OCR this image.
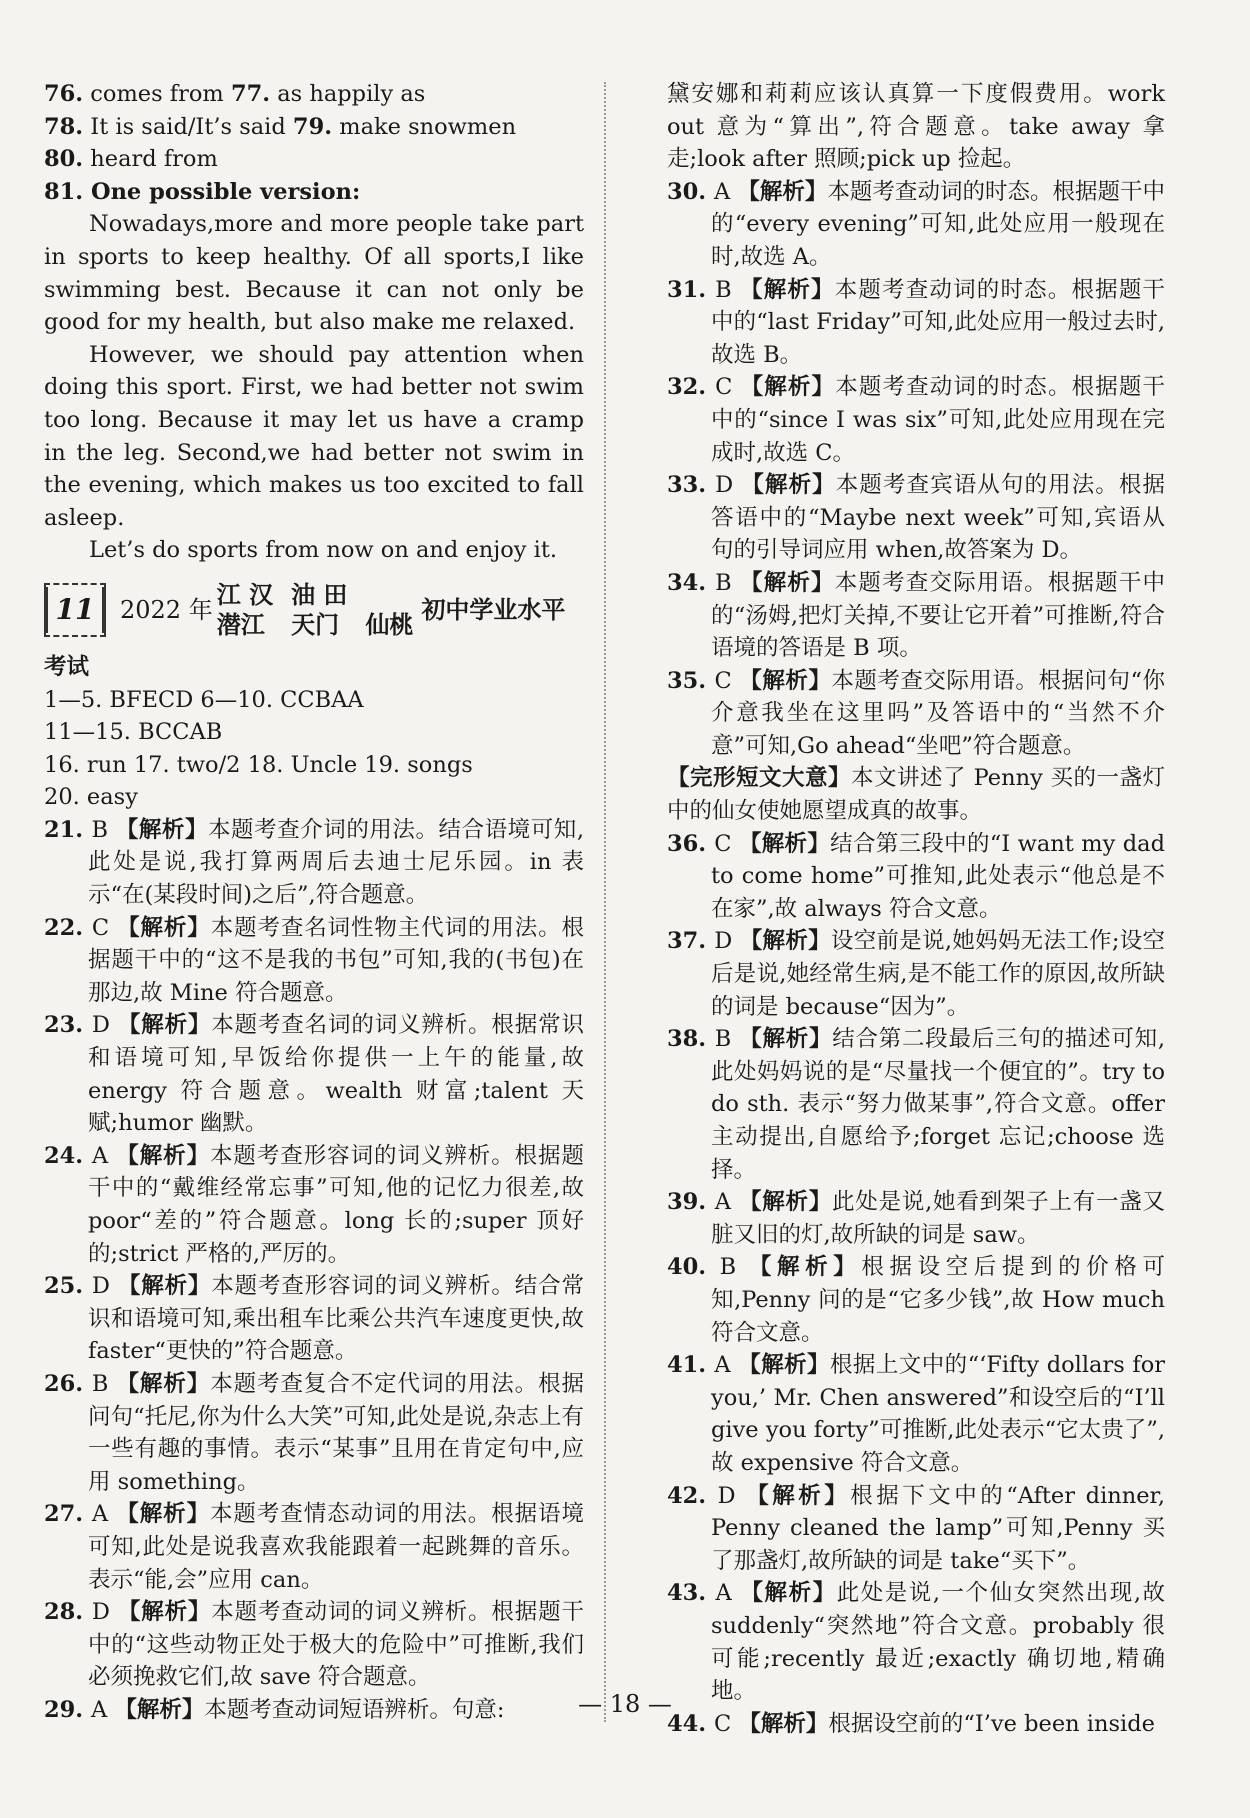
76. comes from 77. as happily as
78. It is said/It’s said 79. make snowmen
80. heard from
81. One possible version:
Nowadays,more and more people take part in sports to keep healthy. Of all sports,I like swimming best. Because it can not only be good for my health, but also make me relaxed.
However, we should pay attention when doing this sport. First, we had better not swim too long. Because it may let us have a cramp in the leg. Second,we had better not swim in the evening, which makes us too excited to fall asleep.
Let’s do sports from now on and enjoy it.
11 2022 年
江 汉 油 田
潜江	天门	仙桃
初中学业水平
考试
1—5. BFECD 6—10. CCBAA
11—15. BCCAB
16. run 17. two/2 18. Uncle 19. songs
20. easy
21. B 【解析】本题考查介词的用法。结合语境可知,此处是说,我打算两周后去迪士尼乐园。in 表示“在(某段时间)之后”,符合题意。
22. C 【解析】本题考查名词性物主代词的用法。根据题干中的“这不是我的书包”可知,我的(书包)在那边,故 Mine 符合题意。
23. D 【解析】本题考查名词的词义辨析。根据常识和语境可知,早饭给你提供一上午的能量,故 energy 符合题意。wealth 财富;talent 天赋;humor 幽默。
24. A 【解析】本题考查形容词的词义辨析。根据题干中的“戴维经常忘事”可知,他的记忆力很差,故 poor“差的”符合题意。long 长的;super 顶好的;strict 严格的,严厉的。
25. D 【解析】本题考查形容词的词义辨析。结合常识和语境可知,乘出租车比乘公共汽车速度更快,故 faster“更快的”符合题意。
26. B 【解析】本题考查复合不定代词的用法。根据问句“托尼,你为什么大笑”可知,此处是说,杂志上有一些有趣的事情。表示“某事”且用在肯定句中,应用 something。
27. A 【解析】本题考查情态动词的用法。根据语境可知,此处是说我喜欢我能跟着一起跳舞的音乐。表示“能,会”应用 can。
28. D 【解析】本题考查动词的词义辨析。根据题干中的“这些动物正处于极大的危险中”可推断,我们必须挽救它们,故 save 符合题意。
29. A 【解析】本题考查动词短语辨析。句意:
黛安娜和莉莉应该认真算一下度假费用。work out 意为“算出”,符合题意。take away 拿走;look after 照顾;pick up 捡起。
30. A 【解析】本题考查动词的时态。根据题干中的“every evening”可知,此处应用一般现在时,故选 A。
31. B 【解析】本题考查动词的时态。根据题干中的“last Friday”可知,此处应用一般过去时,故选 B。
32. C 【解析】本题考查动词的时态。根据题干中的“since I was six”可知,此处应用现在完成时,故选 C。
33. D 【解析】本题考查宾语从句的用法。根据答语中的“Maybe next week”可知,宾语从句的引导词应用 when,故答案为 D。
34. B 【解析】本题考查交际用语。根据题干中的“汤姆,把灯关掉,不要让它开着”可推断,符合语境的答语是 B 项。
35. C 【解析】本题考查交际用语。根据问句“你介意我坐在这里吗”及答语中的“当然不介意”可知,Go ahead“坐吧”符合题意。
【完形短文大意】本文讲述了 Penny 买的一盏灯中的仙女使她愿望成真的故事。
36. C 【解析】结合第三段中的“I want my dad to come home”可推知,此处表示“他总是不在家”,故 always 符合文意。
37. D 【解析】设空前是说,她妈妈无法工作;设空后是说,她经常生病,是不能工作的原因,故所缺的词是 because“因为”。
38. B 【解析】结合第二段最后三句的描述可知,此处妈妈说的是“尽量找一个便宜的”。try to do sth. 表示“努力做某事”,符合文意。offer 主动提出,自愿给予;forget 忘记;choose 选择。
39. A 【解析】此处是说,她看到架子上有一盏又脏又旧的灯,故所缺的词是 saw。
40. B 【解析】根据设空后提到的价格可知,Penny 问的是“它多少钱”,故 How much 符合文意。
41. A 【解析】根据上文中的“‘Fifty dollars for you,’ Mr. Chen answered”和设空后的“I’ll give you forty”可推断,此处表示“它太贵了”,故 expensive 符合文意。
42. D 【解析】根据下文中的“After dinner, Penny cleaned the lamp”可知,Penny 买了那盏灯,故所缺的词是 take“买下”。
43. A 【解析】此处是说,一个仙女突然出现,故 suddenly“突然地”符合文意。probably 很可能;recently 最近;exactly 确切地,精确地。
44. C 【解析】根据设空前的“I’ve been inside
— 18 —
